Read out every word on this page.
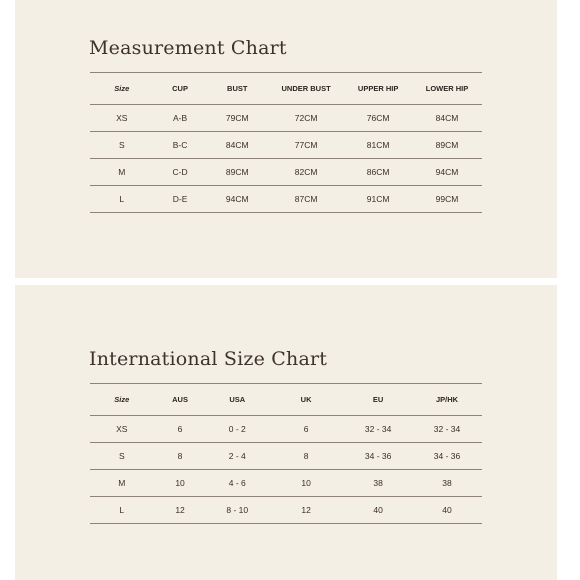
Measurement Chart
Size	CUP	BUST	UNDER BUST	UPPER HIP	LOWER HIP
XS	A-B	79CM	72CM	76CM	84CM
S	B-C	84CM	77CM	81CM	89CM
M	C-D	89CM	82CM	86CM	94CM
L	D-E	94CM	87CM	91CM	99CM
International Size Chart
Size	AUS	USA	UK	EU	JP/HK
XS	6	0 - 2	6	32 - 34	32 - 34
S	8	2 - 4	8	34 - 36	34 - 36
M	10	4 - 6	10	38	38
L	12	8 - 10	12	40	40
